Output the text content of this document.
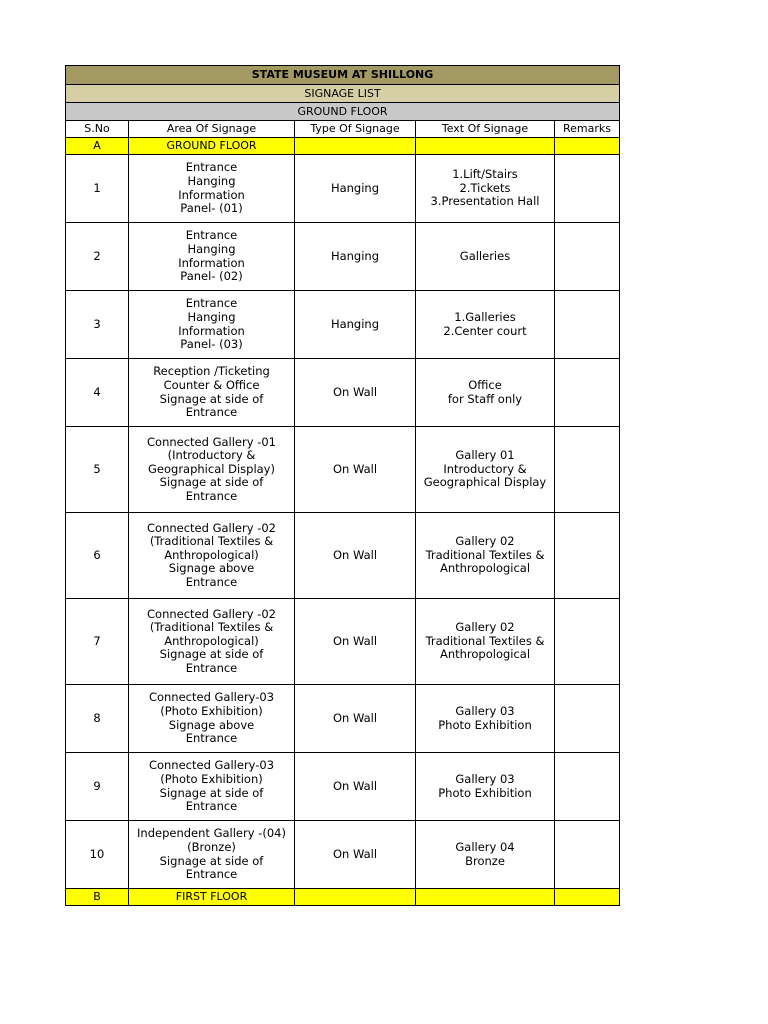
STATE MUSEUM AT SHILLONG				
SIGNAGE LIST				
GROUND FLOOR				
S.No	Area Of Signage	Type Of Signage	Text Of Signage	Remarks
A	GROUND FLOOR			
1	Entrance
Hanging
Information
Panel- (01)	Hanging	1.Lift/Stairs
2.Tickets
3.Presentation Hall	

2	Entrance
Hanging
Information
Panel- (02)	Hanging	Galleries	

3	Entrance
Hanging
Information
Panel- (03)	Hanging	1.Galleries
2.Center court	

4	Reception /Ticketing
Counter & Office
Signage at side of
Entrance	On Wall	Office
for Staff only	

5	Connected Gallery -01
(Introductory &
Geographical Display)
Signage at side of
Entrance	On Wall	Gallery 01
Introductory &
Geographical Display	

6	Connected Gallery -02
(Traditional Textiles &
Anthropological)
Signage above
Entrance	On Wall	Gallery 02
Traditional Textiles &
Anthropological	

7	Connected Gallery -02
(Traditional Textiles &
Anthropological)
Signage at side of
Entrance	On Wall	Gallery 02
Traditional Textiles &
Anthropological	

8	Connected Gallery-03
(Photo Exhibition)
Signage above
Entrance	On Wall	Gallery 03
Photo Exhibition	

9	Connected Gallery-03
(Photo Exhibition)
Signage at side of
Entrance	On Wall	Gallery 03
Photo Exhibition	

10	Independent Gallery -(04)
(Bronze)
Signage at side of
Entrance	On Wall	Gallery 04
Bronze	

B	FIRST FLOOR			
